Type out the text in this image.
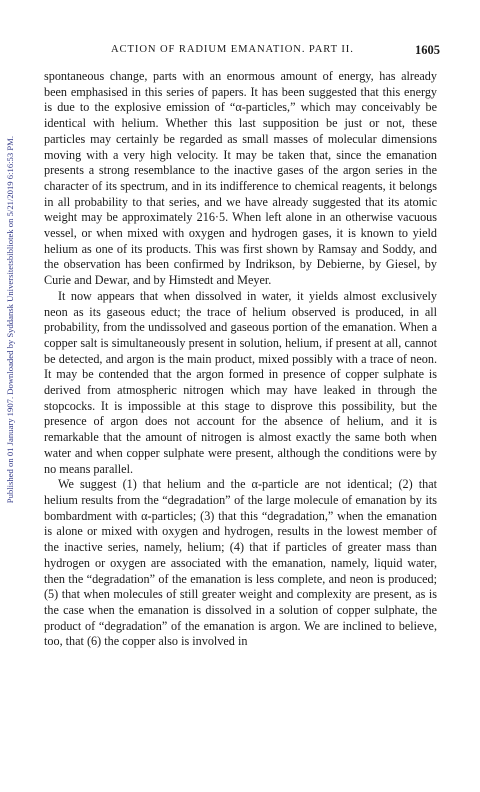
Published on 01 January 1907. Downloaded by Syddansk Universitetsbibliotek on 5/21/2019 6:16:53 PM.
ACTION OF RADIUM EMANATION. PART II.	1605

spontaneous change, parts with an enormous amount of energy, has already been emphasised in this series of papers. It has been suggested that this energy is due to the explosive emission of “α-particles,” which may conceivably be identical with helium. Whether this last supposition be just or not, these particles may certainly be regarded as small masses of molecular dimensions moving with a very high velocity. It may be taken that, since the emanation presents a strong resemblance to the inactive gases of the argon series in the character of its spectrum, and in its indifference to chemical reagents, it belongs in all probability to that series, and we have already suggested that its atomic weight may be approximately 216·5. When left alone in an otherwise vacuous vessel, or when mixed with oxygen and hydrogen gases, it is known to yield helium as one of its products. This was first shown by Ramsay and Soddy, and the observation has been confirmed by Indrikson, by Debierne, by Giesel, by Curie and Dewar, and by Himstedt and Meyer.

It now appears that when dissolved in water, it yields almost exclusively neon as its gaseous educt; the trace of helium observed is produced, in all probability, from the undissolved and gaseous portion of the emanation. When a copper salt is simultaneously present in solution, helium, if present at all, cannot be detected, and argon is the main product, mixed possibly with a trace of neon. It may be contended that the argon formed in presence of copper sulphate is derived from atmospheric nitrogen which may have leaked in through the stopcocks. It is impossible at this stage to disprove this possibility, but the presence of argon does not account for the absence of helium, and it is remarkable that the amount of nitrogen is almost exactly the same both when water and when copper sulphate were present, although the conditions were by no means parallel.

We suggest (1) that helium and the α-particle are not identical; (2) that helium results from the “degradation” of the large molecule of emanation by its bombardment with α-particles; (3) that this “degradation,” when the emanation is alone or mixed with oxygen and hydrogen, results in the lowest member of the inactive series, namely, helium; (4) that if particles of greater mass than hydrogen or oxygen are associated with the emanation, namely, liquid water, then the “degradation” of the emanation is less complete, and neon is produced; (5) that when molecules of still greater weight and complexity are present, as is the case when the emanation is dissolved in a solution of copper sulphate, the product of “degradation” of the emanation is argon. We are inclined to believe, too, that (6) the copper also is involved in
